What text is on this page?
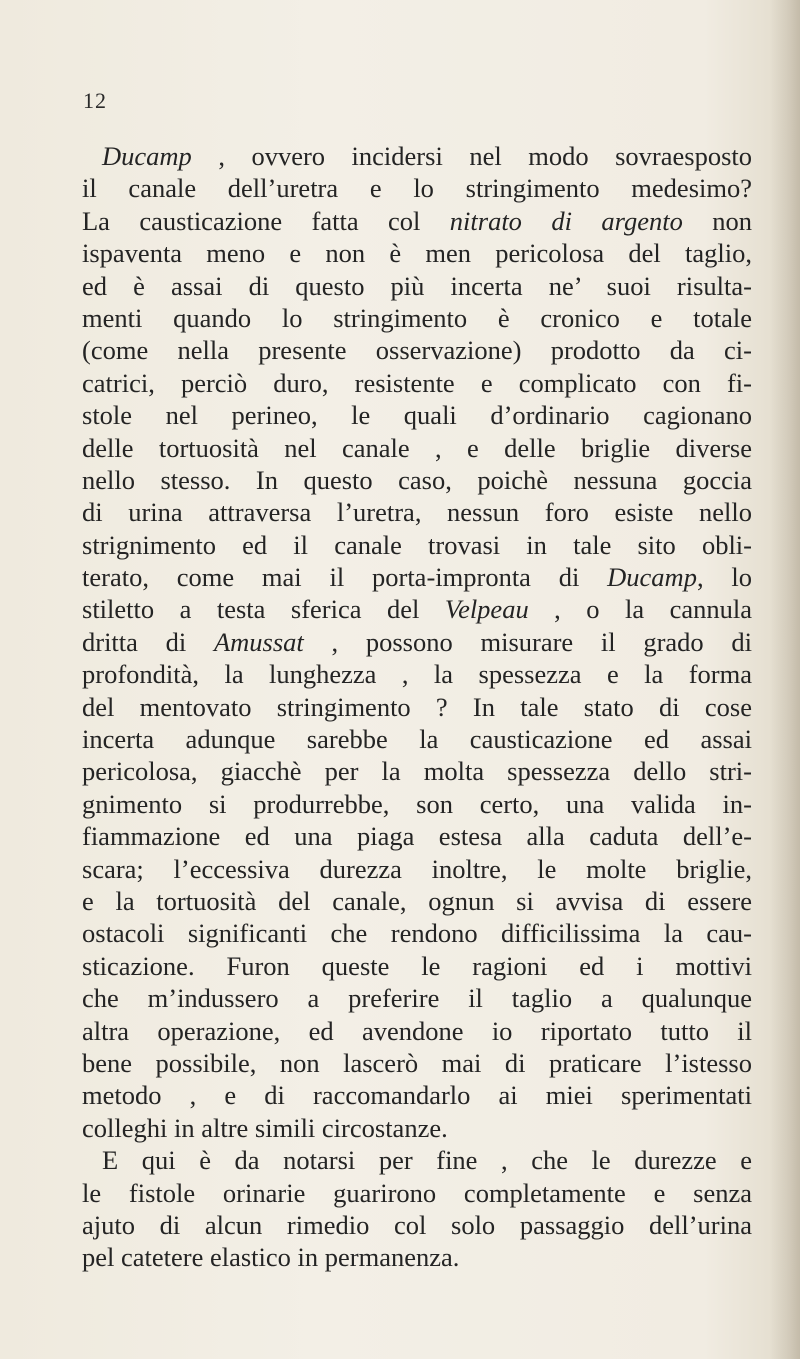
12
Ducamp , ovvero incidersi nel modo sovraesposto
il canale dell’uretra e lo stringimento medesimo?
La causticazione fatta col nitrato di argento non
ispaventa meno e non è men pericolosa del taglio,
ed è assai di questo più incerta ne’ suoi risulta-
menti quando lo stringimento è cronico e totale
(come nella presente osservazione) prodotto da ci-
catrici, perciò duro, resistente e complicato con fi-
stole nel perineo, le quali d’ordinario cagionano
delle tortuosità nel canale , e delle briglie diverse
nello stesso. In questo caso, poichè nessuna goccia
di urina attraversa l’uretra, nessun foro esiste nello
strignimento ed il canale trovasi in tale sito obli-
terato, come mai il porta-impronta di Ducamp, lo
stiletto a testa sferica del Velpeau , o la cannula
dritta di Amussat , possono misurare il grado di
profondità, la lunghezza , la spessezza e la forma
del mentovato stringimento ? In tale stato di cose
incerta adunque sarebbe la causticazione ed assai
pericolosa, giacchè per la molta spessezza dello stri-
gnimento si produrrebbe, son certo, una valida in-
fiammazione ed una piaga estesa alla caduta dell’e-
scara; l’eccessiva durezza inoltre, le molte briglie,
e la tortuosità del canale, ognun si avvisa di essere
ostacoli significanti che rendono difficilissima la cau-
sticazione. Furon queste le ragioni ed i mottivi
che m’indussero a preferire il taglio a qualunque
altra operazione, ed avendone io riportato tutto il
bene possibile, non lascerò mai di praticare l’istesso
metodo , e di raccomandarlo ai miei sperimentati
colleghi in altre simili circostanze.
E qui è da notarsi per fine , che le durezze e
le fistole orinarie guarirono completamente e senza
ajuto di alcun rimedio col solo passaggio dell’urina
pel catetere elastico in permanenza.
